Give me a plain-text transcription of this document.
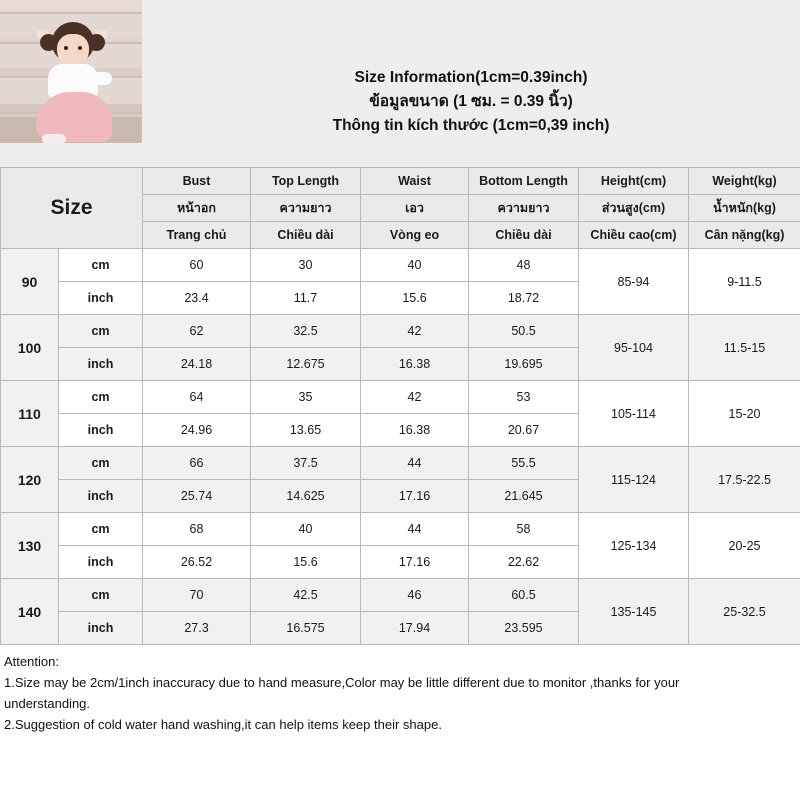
Size Information(1cm=0.39inch)
ข้อมูลขนาด (1 ซม. = 0.39 นิ้ว)
Thông tin kích thước (1cm=0,39 inch)
Size		Bust	Top Length	Waist	Bottom Length	Height(cm)	Weight(kg)
		หน้าอก	ความยาว	เอว	ความยาว	ส่วนสูง(cm)	น้ำหนัก(kg)
		Trang chủ	Chiều dài	Vòng eo	Chiều dài	Chiều cao(cm)	Cân nặng(kg)
90	cm	60	30	40	48	85-94	9-11.5
	inch	23.4	11.7	15.6	18.72		
100	cm	62	32.5	42	50.5	95-104	11.5-15
	inch	24.18	12.675	16.38	19.695		
110	cm	64	35	42	53	105-114	15-20
	inch	24.96	13.65	16.38	20.67		
120	cm	66	37.5	44	55.5	115-124	17.5-22.5
	inch	25.74	14.625	17.16	21.645		
130	cm	68	40	44	58	125-134	20-25
	inch	26.52	15.6	17.16	22.62		
140	cm	70	42.5	46	60.5	135-145	25-32.5
	inch	27.3	16.575	17.94	23.595		
Attention:
1.Size may be 2cm/1inch inaccuracy due to hand measure,Color may be little different due to monitor ,thanks for your
understanding.
2.Suggestion of cold water hand washing,it can help items keep their shape.
